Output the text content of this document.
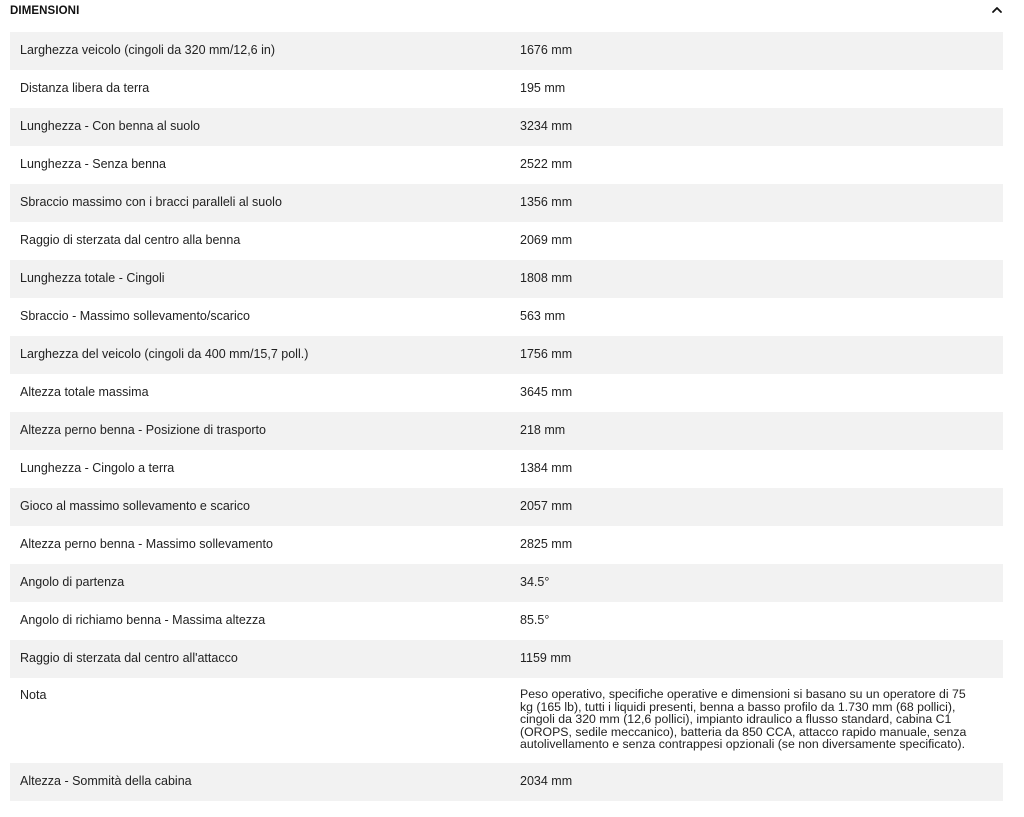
DIMENSIONI
Larghezza veicolo (cingoli da 320 mm/12,6 in)	1676 mm
Distanza libera da terra	195 mm
Lunghezza - Con benna al suolo	3234 mm
Lunghezza - Senza benna	2522 mm
Sbraccio massimo con i bracci paralleli al suolo	1356 mm
Raggio di sterzata dal centro alla benna	2069 mm
Lunghezza totale - Cingoli	1808 mm
Sbraccio - Massimo sollevamento/scarico	563 mm
Larghezza del veicolo (cingoli da 400 mm/15,7 poll.)	1756 mm
Altezza totale massima	3645 mm
Altezza perno benna - Posizione di trasporto	218 mm
Lunghezza - Cingolo a terra	1384 mm
Gioco al massimo sollevamento e scarico	2057 mm
Altezza perno benna - Massimo sollevamento	2825 mm
Angolo di partenza	34.5°
Angolo di richiamo benna - Massima altezza	85.5°
Raggio di sterzata dal centro all'attacco	1159 mm
Nota	Peso operativo, specifiche operative e dimensioni si basano su un operatore di 75 kg (165 lb), tutti i liquidi presenti, benna a basso profilo da 1.730 mm (68 pollici), cingoli da 320 mm (12,6 pollici), impianto idraulico a flusso standard, cabina C1 (OROPS, sedile meccanico), batteria da 850 CCA, attacco rapido manuale, senza autolivellamento e senza contrappesi opzionali (se non diversamente specificato).
Altezza - Sommità della cabina	2034 mm
